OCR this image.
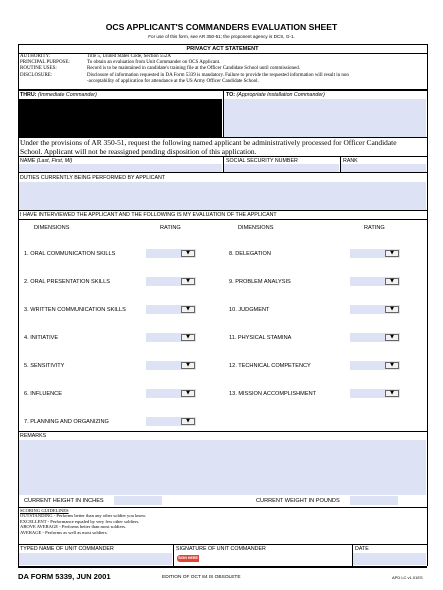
OCS APPLICANT'S COMMANDERS EVALUATION SHEET
For use of this form, see AR 350-51; the proponent agency is DCS, G-1.
PRIVACY ACT STATEMENT
AUTHORITY:	Title 5, United States Code, Section 552A
PRINCIPAL PURPOSE:	To obtain an evaluation from Unit Commander on OCS Applicant.
ROUTINE USES:	Record is to be maintained in candidate's training file at the Officer Candidate School until commissioned.
DISCLOSURE:	Disclosure of information requested in DA Form 5339 is mandatory. Failure to provide the requested information will result in non
-acceptability of application for attendance at the US Army Officer Candidate School.
THRU: (Immediate Commander)	TO: (Appropriate Installation Commander)
Under the provisions of AR 350-51, request the following named applicant be administratively processed for Officer Candidate
School. Applicant will not be reassigned pending disposition of this application.
NAME (Last, First, MI)	SOCIAL SECURITY NUMBER	RANK
DUTIES CURRENTLY BEING PERFORMED BY APPLICANT
I HAVE INTERVIEWED THE APPLICANT AND THE FOLLOWING IS MY EVALUATION OF THE APPLICANT
DIMENSIONS	RATING	DIMENSIONS	RATING
1. ORAL COMMUNICATION SKILLS	▼
2. ORAL PRESENTATION SKILLS	▼
3. WRITTEN COMMUNICATION SKILLS	▼
4. INITIATIVE	▼
5. SENSITIVITY	▼
6. INFLUENCE	▼
7. PLANNING AND ORGANIZING	▼
8. DELEGATION	▼
9. PROBLEM ANALYSIS	▼
10. JUDGMENT	▼
11. PHYSICAL STAMINA	▼
12. TECHNICAL COMPETENCY	▼
13. MISSION ACCOMPLISHMENT	▼
REMARKS
CURRENT HEIGHT IN INCHES	CURRENT WEIGHT IN POUNDS
SCORING GUIDELINES
OUTSTANDING - Performs better than any other soldier you know.
EXCELLENT - Performance equaled by very few other soldiers.
ABOVE AVERAGE - Performs better than most soldiers.
AVERAGE - Performs as well as most soldiers.
TYPED NAME OF UNIT COMMANDER	SIGNATURE OF UNIT COMMANDER
SIGN HERE
DATE
DA FORM 5339, JUN 2001	EDITION OF OCT 84 IS OBSOLETE	APD LC v1.01ES
